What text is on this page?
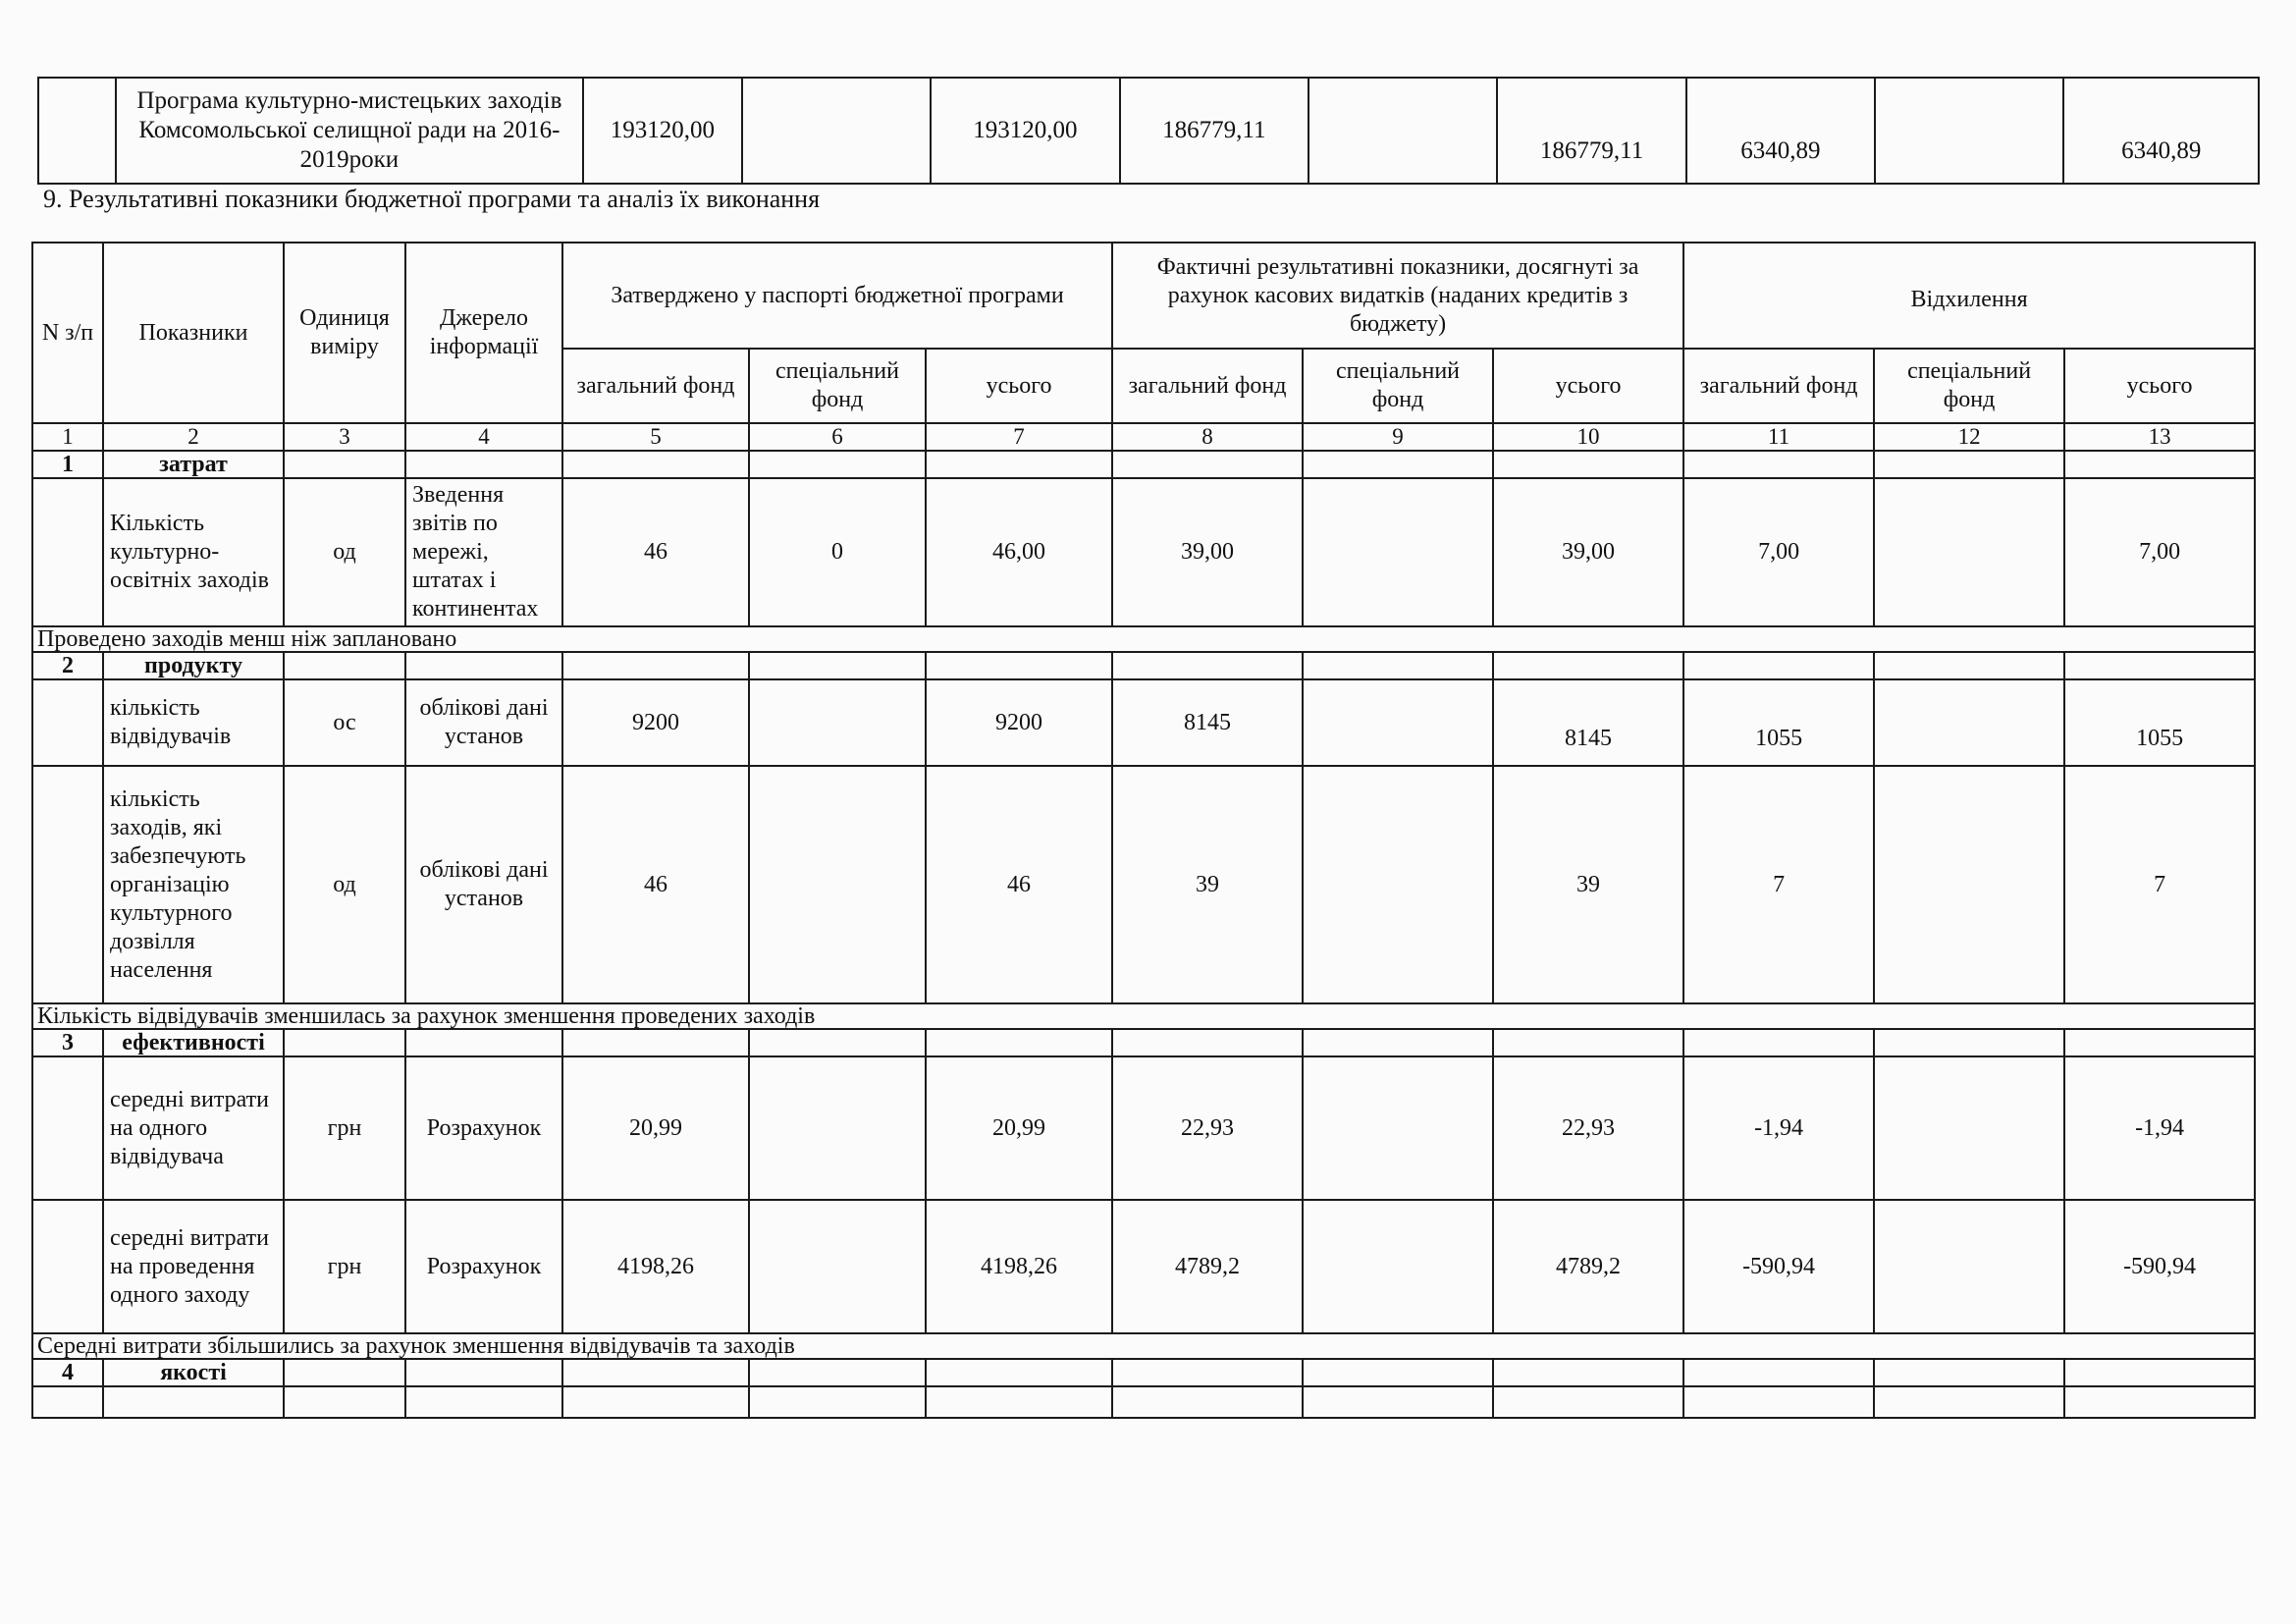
	Програма культурно-мистецьких заходів Комсомольської селищної ради на 2016-2019роки	193120,00		193120,00	186779,11		186779,11	6340,89		6340,89
9. Результативні показники бюджетної програми та аналіз їх виконання
N з/п	Показники	Одиниця виміру	Джерело інформації	Затверджено у паспорті бюджетної програми			Фактичні результативні показники, досягнуті за рахунок касових видатків (наданих кредитів з бюджету)			Відхилення		
				загальний фонд	спеціальний фонд	усього	загальний фонд	спеціальний фонд	усього	загальний фонд	спеціальний фонд	усього
1	2	3	4	5	6	7	8	9	10	11	12	13
1	затрат											
	Кількість культурно-освітніх заходів	од	Зведення звітів по мережі, штатах і континентах	46	0	46,00	39,00		39,00	7,00		7,00
Проведено заходів менш ніж заплановано												
2	продукту											
	кількість відвідувачів	ос	облікові дані установ	9200		9200	8145		8145	1055		1055
	кількість заходів, які забезпечують організацію культурного дозвілля населення	од	облікові дані установ	46		46	39		39	7		7
Кількість відвідувачів зменшилась за рахунок зменшення проведених заходів												
3	ефективності											
	середні витрати на одного відвідувача	грн	Розрахунок	20,99		20,99	22,93		22,93	-1,94		-1,94
	середні витрати на проведення одного заходу	грн	Розрахунок	4198,26		4198,26	4789,2		4789,2	-590,94		-590,94
Середні витрати збільшились за рахунок зменшення відвідувачів та заходів												
4	якості											
